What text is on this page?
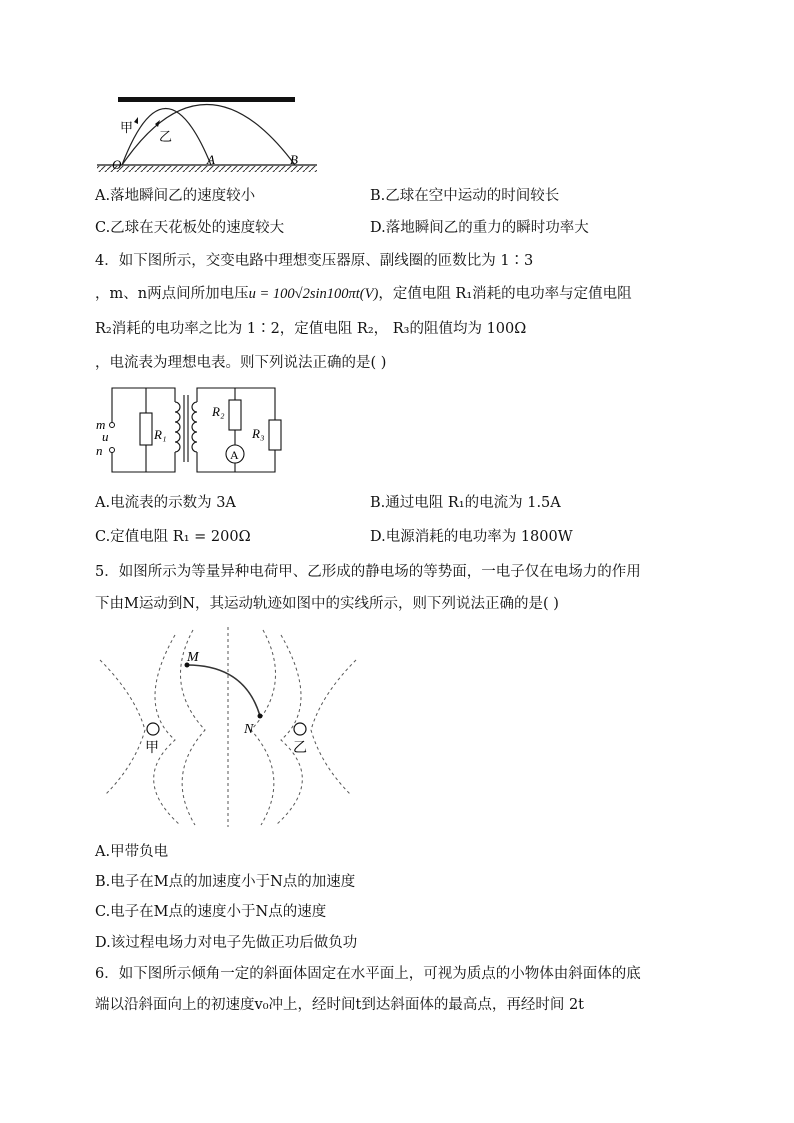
甲
乙
O	A	B
A.落地瞬间乙的速度较小	B.乙球在空中运动的时间较长
C.乙球在天花板处的速度较大	D.落地瞬间乙的重力的瞬时功率大
4．如下图所示，交变电路中理想变压器原、副线圈的匝数比为 1∶3
，m、n两点间所加电压u = 100√2sin100πt(V)，定值电阻 R₁消耗的电功率与定值电阻
R₂消耗的电功率之比为 1∶2，定值电阻 R₂， R₃的阻值均为 100Ω
，电流表为理想电表。则下列说法正确的是( )
m
u
n
R₁
R₂
R₃
A
A.电流表的示数为 3A	B.通过电阻 R₁的电流为 1.5A
C.定值电阻 R₁ = 200Ω	D.电源消耗的电功率为 1800W
5．如图所示为等量异种电荷甲、乙形成的静电场的等势面，一电子仅在电场力的作用
下由M运动到N，其运动轨迹如图中的实线所示，则下列说法正确的是( )
M
N
甲	乙
A.甲带负电
B.电子在M点的加速度小于N点的加速度
C.电子在M点的速度小于N点的速度
D.该过程电场力对电子先做正功后做负功
6．如下图所示倾角一定的斜面体固定在水平面上，可视为质点的小物体由斜面体的底
端以沿斜面向上的初速度v₀冲上，经时间t到达斜面体的最高点，再经时间 2t
